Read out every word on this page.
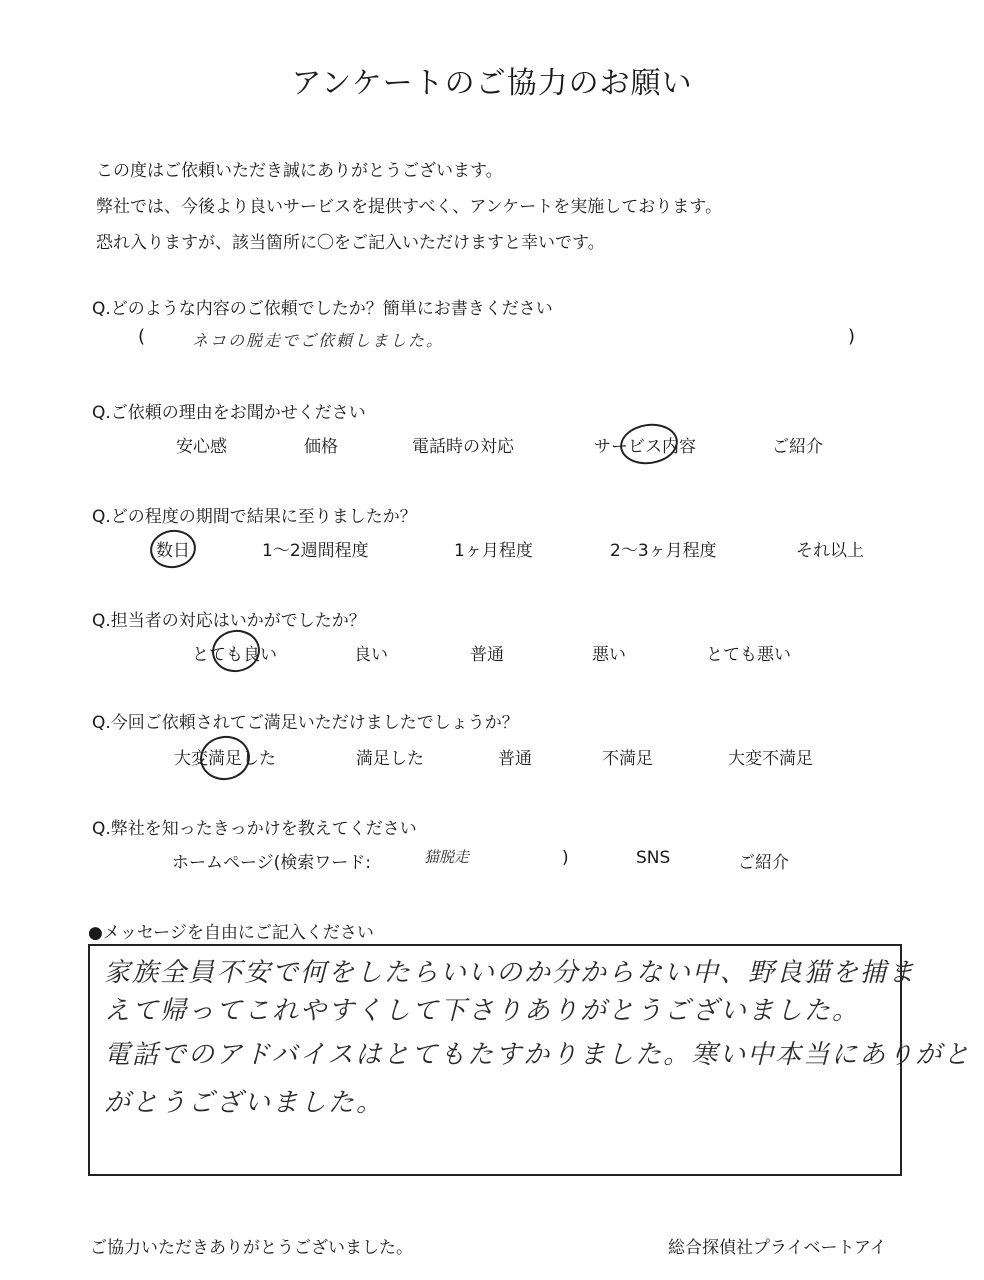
アンケートのご協力のお願い
この度はご依頼いただき誠にありがとうございます。
弊社では、今後より良いサービスを提供すべく、アンケートを実施しております。
恐れ入りますが、該当箇所に〇をご記入いただけますと幸いです。
Q.どのような内容のご依頼でしたか？簡単にお書きください
(	ネコの脱走でご依頼しました。	)
Q.ご依頼の理由をお聞かせください
安心感	価格	電話時の対応	サービス内容	ご紹介
Q.どの程度の期間で結果に至りましたか？
数日	1～2週間程度	1ヶ月程度	2～3ヶ月程度	それ以上
Q.担当者の対応はいかがでしたか？
とても良い	良い	普通	悪い	とても悪い
Q.今回ご依頼されてご満足いただけましたでしょうか？
大変満足した	満足した	普通	不満足	大変不満足
Q.弊社を知ったきっかけを教えてください
ホームページ(検索ワード:	猫脱走	)	SNS	ご紹介
●メッセージを自由にご記入ください
家族全員不安で何をしたらいいのか分からない中、野良猫を捕ま
えて帰ってこれやすくして下さりありがとうございました。
電話でのアドバイスはとてもたすかりました。寒い中本当にありがと
がとうございました。
ご協力いただきありがとうございました。	総合探偵社プライベートアイ
